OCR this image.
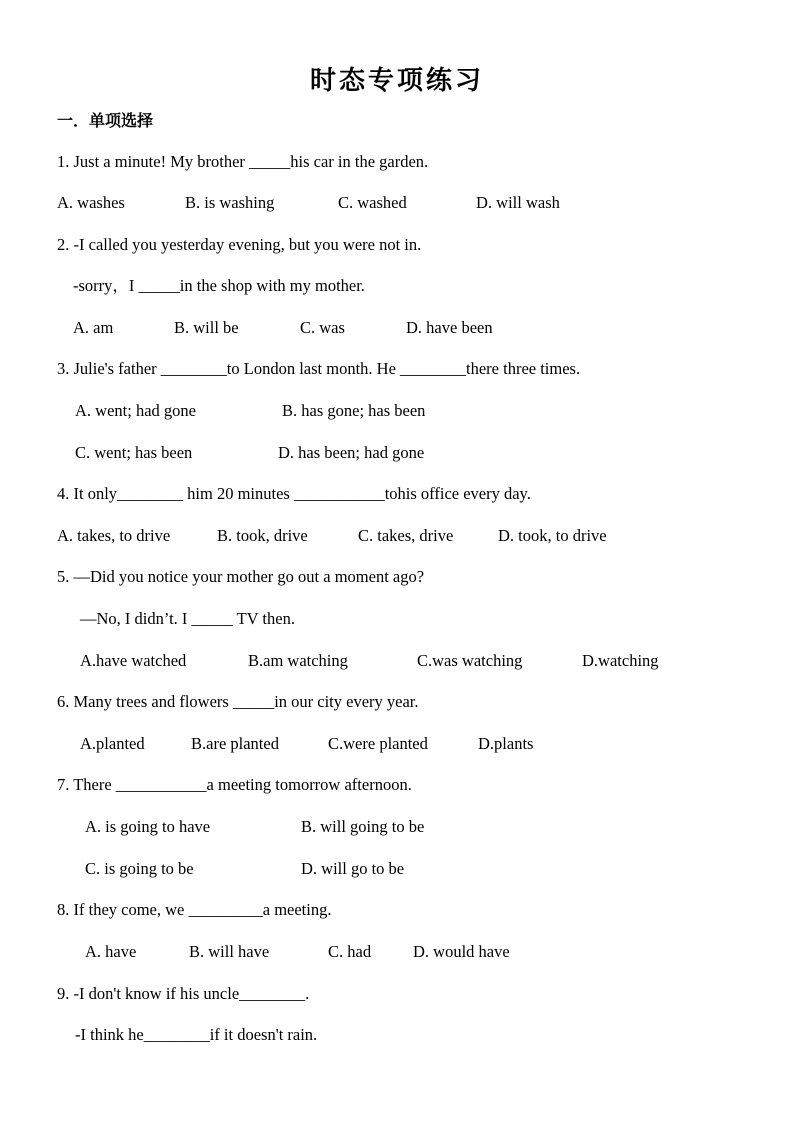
时态专项练习
一．单项选择
1. Just a minute! My brother _____his car in the garden.
A. washes	B. is washing	C. washed	D. will wash
2. -I called you yesterday evening, but you were not in.
-sorry，I _____in the shop with my mother.
A. am	B. will be	C. was	D. have been
3. Julie's father ________to London last month. He ________there three times.
A. went; had gone	B. has gone; has been
C. went; has been	D. has been; had gone
4. It only________ him 20 minutes ___________tohis office every day.
A. takes, to drive	B. took, drive	C. takes, drive	D. took, to drive
5. —Did you notice your mother go out a moment ago?
—No, I didn’t. I _____ TV then.
A.have watched	B.am watching	C.was watching	D.watching
6. Many trees and flowers _____in our city every year.
A.planted	B.are planted	C.were planted	D.plants
7. There ___________a meeting tomorrow afternoon.
A. is going to have	B. will going to be
C. is going to be	D. will go to be
8. If they come, we _________a meeting.
A. have	B. will have	C. had	D. would have
9. -I don't know if his uncle________.
-I think he________if it doesn't rain.
